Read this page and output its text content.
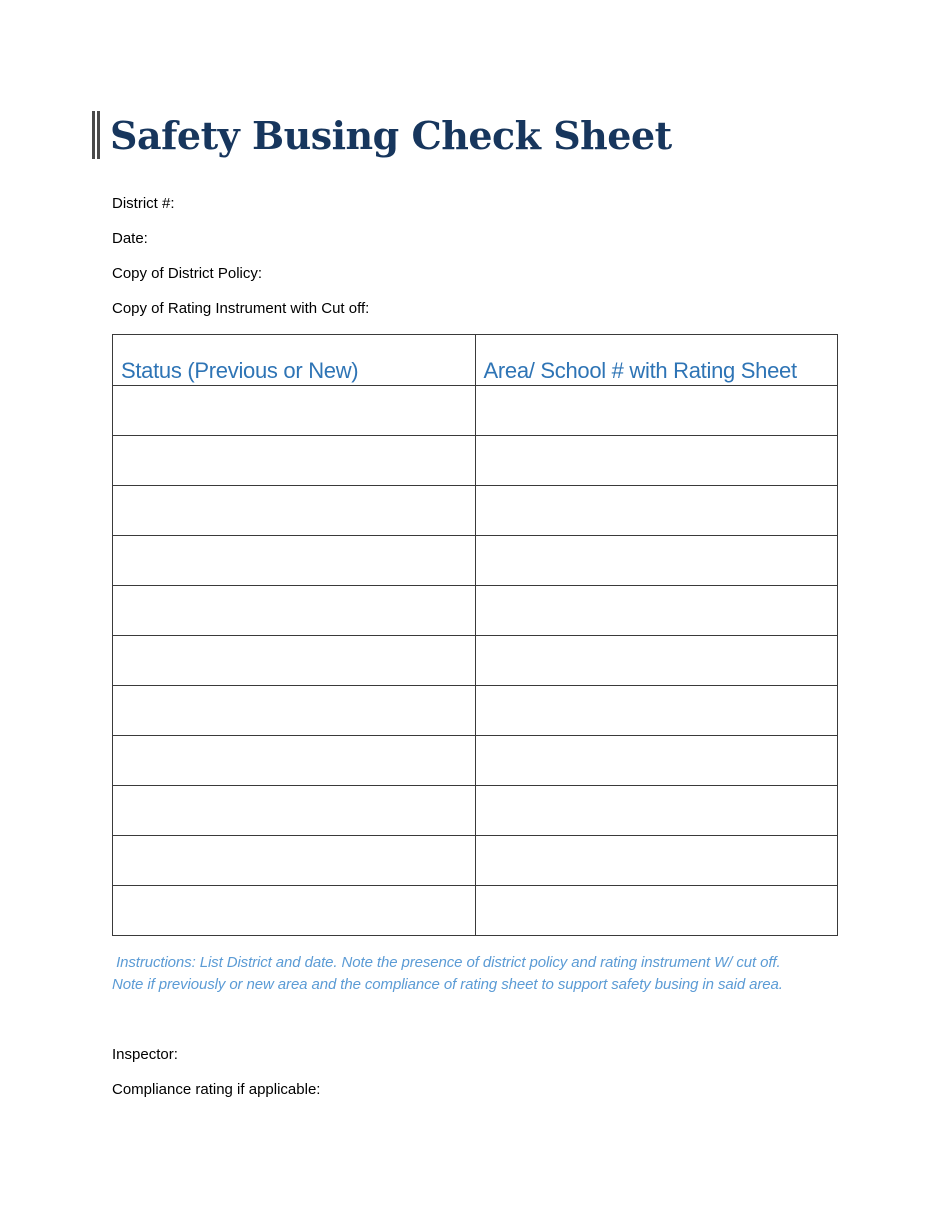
Safety Busing Check Sheet
District #:
Date:
Copy of District Policy:
Copy of Rating Instrument with Cut off:
Status (Previous or New)	Area/ School # with Rating Sheet

Instructions: List District and date. Note the presence of district policy and rating instrument W/ cut off.
Note if previously or new area and the compliance of rating sheet to support safety busing in said area.
Inspector:
Compliance rating if applicable:
